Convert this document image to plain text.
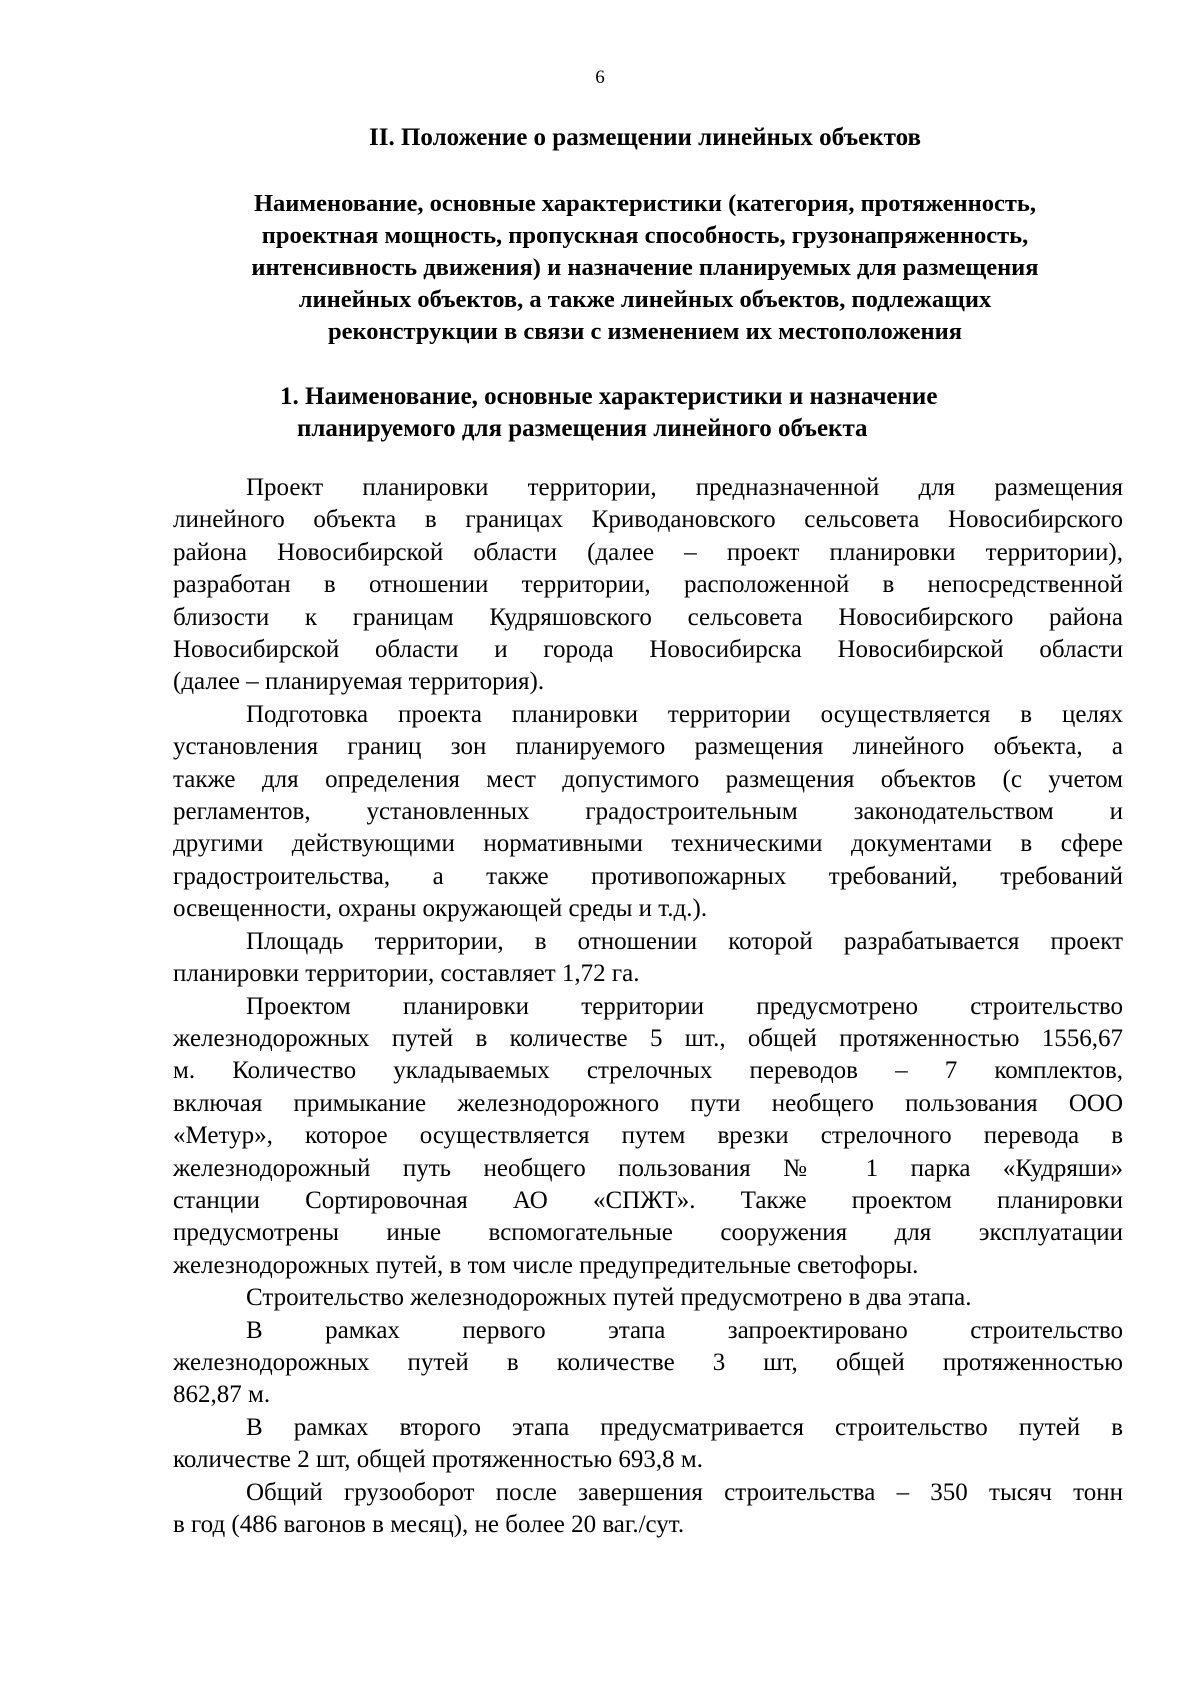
6
II. Положение о размещении линейных объектов
Наименование, основные характеристики (категория, протяженность,
проектная мощность, пропускная способность, грузонапряженность,
интенсивность движения) и назначение планируемых для размещения
линейных объектов, а также линейных объектов, подлежащих
реконструкции в связи с изменением их местоположения
1. Наименование, основные характеристики и назначение
планируемого для размещения линейного объекта

Проект планировки территории, предназначенной для размещения
линейного объекта в границах Криводановского сельсовета Новосибирского
района Новосибирской области (далее – проект планировки территории),
разработан в отношении территории, расположенной в непосредственной
близости к границам Кудряшовского сельсовета Новосибирского района
Новосибирской области и города Новосибирска Новосибирской области
(далее – планируемая территория).

Подготовка проекта планировки территории осуществляется в целях
установления границ зон планируемого размещения линейного объекта, а
также для определения мест допустимого размещения объектов (с учетом
регламентов, установленных градостроительным законодательством и
другими действующими нормативными техническими документами в сфере
градостроительства, а также противопожарных требований, требований
освещенности, охраны окружающей среды и т.д.).

Площадь территории, в отношении которой разрабатывается проект
планировки территории, составляет 1,72 га.

Проектом планировки территории предусмотрено строительство
железнодорожных путей в количестве 5 шт., общей протяженностью 1556,67
м. Количество укладываемых стрелочных переводов – 7 комплектов,
включая примыкание железнодорожного пути необщего пользования ООО
«Метур», которое осуществляется путем врезки стрелочного перевода в
железнодорожный путь необщего пользования № 1 парка «Кудряши»
станции Сортировочная АО «СПЖТ». Также проектом планировки
предусмотрены иные вспомогательные сооружения для эксплуатации
железнодорожных путей, в том числе предупредительные светофоры.

Строительство железнодорожных путей предусмотрено в два этапа.

В рамках первого этапа запроектировано строительство
железнодорожных путей в количестве 3 шт, общей протяженностью
862,87 м.

В рамках второго этапа предусматривается строительство путей в
количестве 2 шт, общей протяженностью 693,8 м.

Общий грузооборот после завершения строительства – 350 тысяч тонн
в год (486 вагонов в месяц), не более 20 ваг./сут.
